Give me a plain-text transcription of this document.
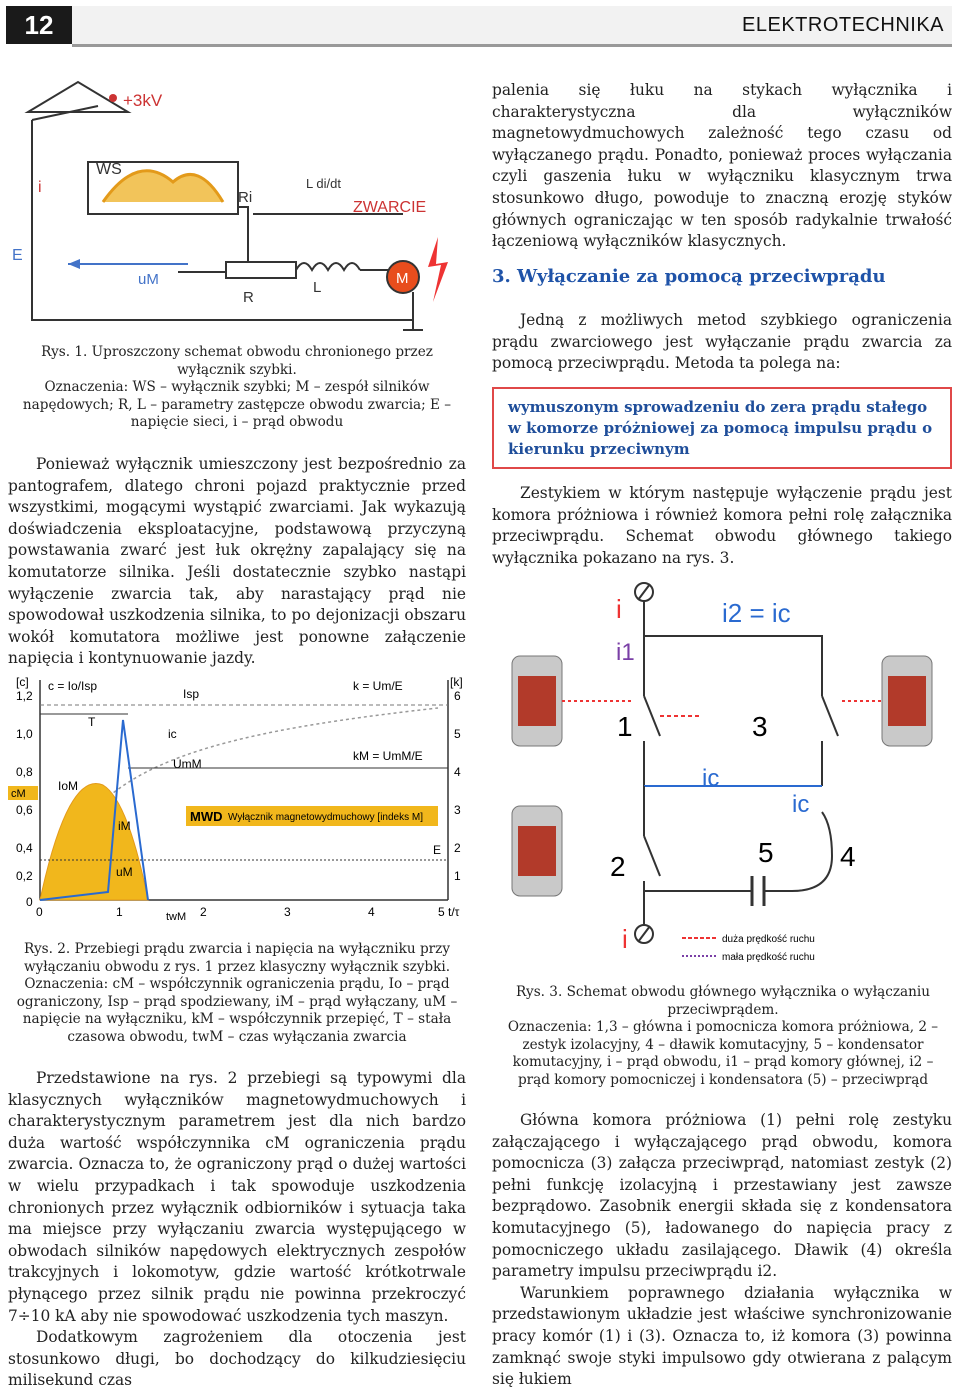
12	ELEKTROTECHNIKA
+3kV
WS
i
Ri
L di/dt
ZWARCIE
R
L
M
E
uM
Rys. 1. Uproszczony schemat obwodu chronionego przez wyłącznik szybki.
Oznaczenia: WS – wyłącznik szybki; M – zespół silników napędowych; R, L – parametry zastępcze obwodu zwarcia; E – napięcie sieci, i – prąd obwodu

Ponieważ wyłącznik umieszczony jest bezpośrednio za pantografem, dlatego chroni pojazd praktycznie przed wszystkimi, mogącymi wystąpić zwarciami. Jak wykazują doświadczenia eksploatacyjne, podstawową przyczyną powstawania zwarć jest łuk okrężny zapalający się na komutatorze silnika. Jeśli dostatecznie szybko nastąpi wyłączenie zwarcia tak, aby narastający prąd nie spowodował uszkodzenia silnika, to po dejonizacji obszaru wokół komutatora możliwe jest ponowne załączenie napięcia i kontynuowanie jazdy.

[c]	[k]
1,2
1,0
0,8
0,6
0,4
0,2
0
6
5
4
3
2
1
0	1	2	3	4	5 t/τ
c = Io/Isp	k = Um/E
Isp
ic
T
UmM
kM = UmM/E
IoM
cM
E
MWD Wyłącznik magnetowydmuchowy [indeks M]
iM
uM
twM
Rys. 2. Przebiegi prądu zwarcia i napięcia na wyłączniku przy wyłączaniu obwodu z rys. 1 przez klasyczny wyłącznik szybki.
Oznaczenia: cM – współczynnik ograniczenia prądu, Io – prąd ograniczony, Isp – prąd spodziewany, iM – prąd wyłączany, uM – napięcie na wyłączniku, kM – współczynnik przepięć, T – stała czasowa obwodu, twM – czas wyłączania zwarcia

Przedstawione na rys. 2 przebiegi są typowymi dla klasycznych wyłączników magnetowydmuchowych i charakterystycznym parametrem jest dla nich bardzo duża wartość współczynnika cM ograniczenia prądu zwarcia. Oznacza to, że ograniczony prąd o dużej wartości w wielu przypadkach i tak spowoduje uszkodzenia chronionych przez wyłącznik odbiorników i sytuacja taka ma miejsce przy wyłączaniu zwarcia występującego w obwodach silników napędowych elektrycznych zespołów trakcyjnych i lokomotyw, gdzie wartość krótkotrwale płynącego przez silnik prądu nie powinna przekroczyć 7÷10 kA aby nie spowodować uszkodzenia tych maszyn.

Dodatkowym zagrożeniem dla otoczenia jest stosunkowo długi, bo dochodzący do kilkudziesięciu milisekund czas

palenia się łuku na stykach wyłącznika i charakterystyczna dla wyłączników magnetowydmuchowych zależność tego czasu od wyłączanego prądu. Ponadto, ponieważ proces wyłączania czyli gaszenia łuku w wyłączniku klasycznym trwa stosunkowo długo, powoduje to znaczną erozję styków głównych ograniczając w ten sposób radykalnie trwałość łączeniową wyłączników klasycznych.

3. Wyłączanie za pomocą przeciwprądu

Jedną z możliwych metod szybkiego ograniczenia prądu zwarciowego jest wyłączanie prądu zwarcia za pomocą przeciwprądu. Metoda ta polega na:

wymuszonym sprowadzeniu do zera prądu stałego w komorze próżniowej za pomocą impulsu prądu o kierunku przeciwnym

Zestykiem w którym następuje wyłączenie prądu jest komora próżniowa i również komora pełni rolę załącznika przeciwprądu. Schemat obwodu głównego takiego wyłącznika pokazano na rys. 3.

i
i1
i2 = ic
1	3
ic
ic
2	5 4
i	duża prędkość ruchu
mała prędkość ruchu
Rys. 3. Schemat obwodu głównego wyłącznika o wyłączaniu przeciwprądem.
Oznaczenia: 1,3 – główna i pomocnicza komora próżniowa, 2 – zestyk izolacyjny, 4 – dławik komutacyjny, 5 – kondensator komutacyjny, i – prąd obwodu, i1 – prąd komory głównej, i2 – prąd komory pomocniczej i kondensatora (5) – przeciwprąd

Główna komora próżniowa (1) pełni rolę zestyku załączającego i wyłączającego prąd obwodu, komora pomocnicza (3) załącza przeciwprąd, natomiast zestyk (2) pełni funkcję izolacyjną i przestawiany jest zawsze bezprądowo. Zasobnik energii składa się z kondensatora komutacyjnego (5), ładowanego do napięcia pracy z pomocniczego układu zasilającego. Dławik (4) określa parametry impulsu przeciwprądu i2.

Warunkiem poprawnego działania wyłącznika w przedstawionym układzie jest właściwe synchronizowanie pracy komór (1) i (3). Oznacza to, iż komora (3) powinna zamknąć swoje styki impulsowo gdy otwierana z palącym się łukiem
